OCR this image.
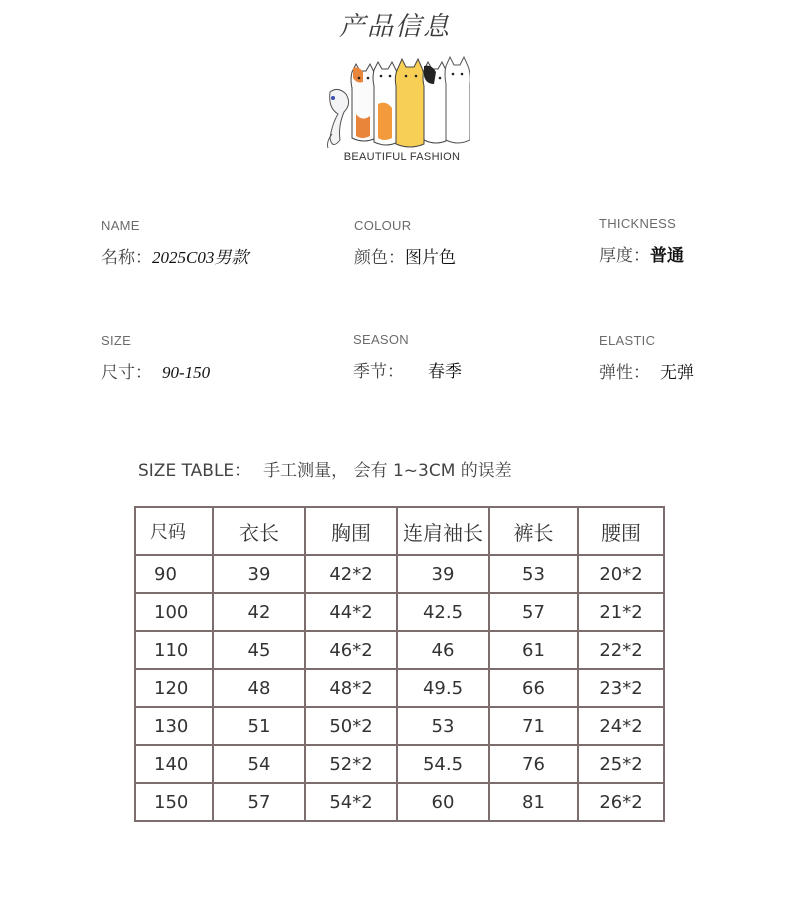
产品信息
BEAUTIFUL FASHION
NAME
名称：2025C03男款
COLOUR
颜色：图片色
THICKNESS
厚度：普通
SIZE
尺寸： 90-150
SEASON
季节： 春季
ELASTIC
弹性： 无弹
SIZE TABLE： 手工测量， 会有 1~3CM 的误差
尺码	衣长	胸围	连肩袖长	裤长	腰围
90	39	42*2	39	53	20*2
100	42	44*2	42.5	57	21*2
110	45	46*2	46	61	22*2
120	48	48*2	49.5	66	23*2
130	51	50*2	53	71	24*2
140	54	52*2	54.5	76	25*2
150	57	54*2	60	81	26*2
